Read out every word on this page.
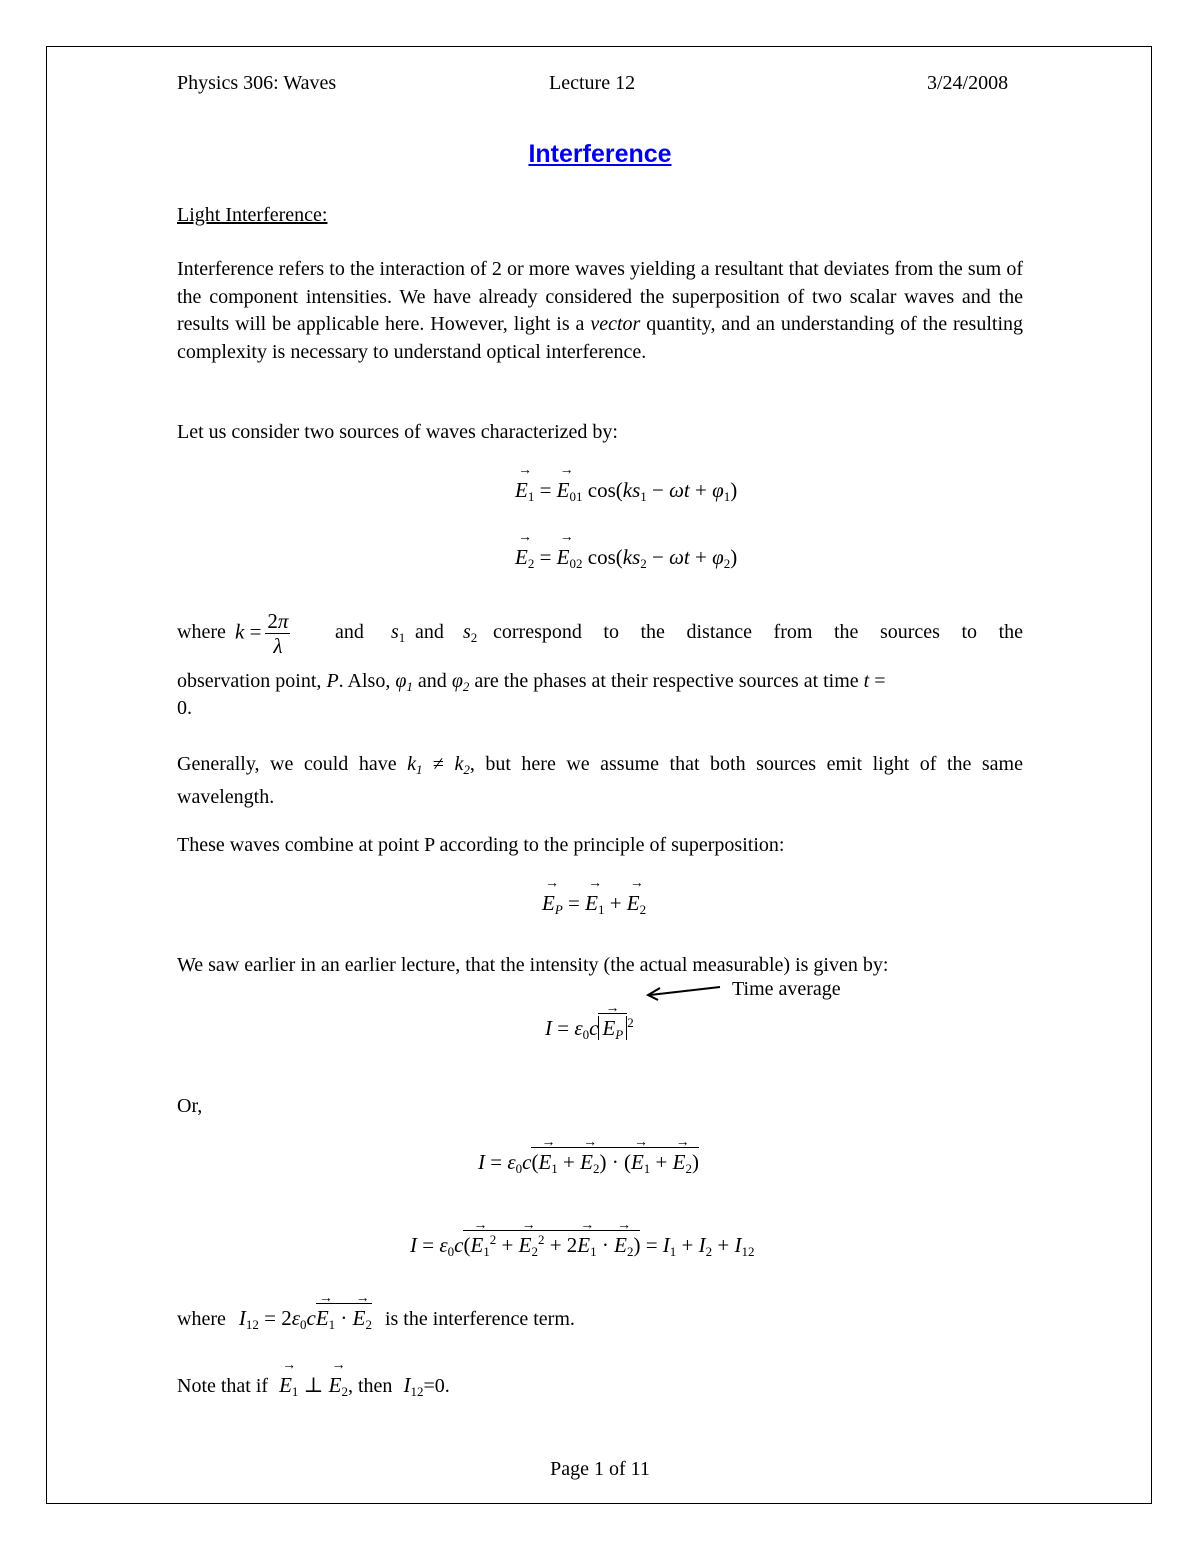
Physics 306: Waves	Lecture 12	3/24/2008
Interference
Light Interference:
Interference refers to the interaction of 2 or more waves yielding a resultant that deviates from the sum of the component intensities. We have already considered the superposition of two scalar waves and the results will be applicable here. However, light is a vector quantity, and an understanding of the resulting complexity is necessary to understand optical interference.
Let us consider two sources of waves characterized by:
→ $E_1$ = → $E_{01}$ $\cos(ks_1 - \omega t + \varphi_1)$
→ $E_2$ = → $E_{02}$ $\cos(ks_2 - \omega t + \varphi_2)$
where $k = \frac{2\pi}{\lambda}$ and $s_1$ and $s_2$ correspond to the distance from the sources to the
observation point, P. Also, $\varphi_1$ and $\varphi_2$ are the phases at their respective sources at time t =
0.
Generally, we could have $k_1 \ne k_2$, but here we assume that both sources emit light of the same wavelength.
These waves combine at point P according to the principle of superposition:
→ $E_P$ = → $E_1$ + → $E_2$
We saw earlier in an earlier lecture, that the intensity (the actual measurable) is given by:
Time average
$I = \varepsilon_0c \to E_P^2$
Or,
$I = \varepsilon_0c(\to E_1$ + → $E_2$) · (→ $E_1$ + → $E_2$)
$I = \varepsilon_0c(\to E_1^2$ + → $E_2^2 + 2\to E_1$ · → $E_2) = I_1 + I_2 + I_{12}$
where $I_{12} = 2\varepsilon_0c\to E_1$ · → $E_2$ is the interference term.
Note that if → $E_1$ ⊥ → $E_2$, then $I_{12}=0$.
Page 1 of 11
